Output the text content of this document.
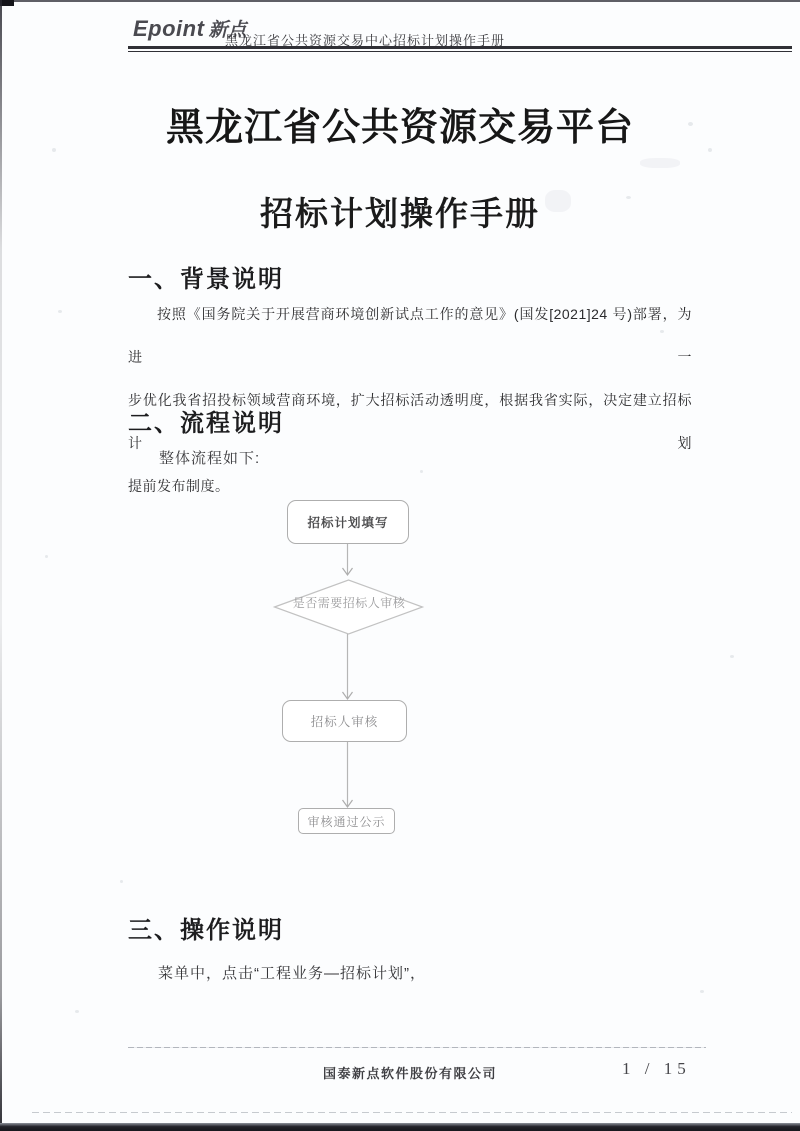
Epoint 新点
黑龙江省公共资源交易中心招标计划操作手册
黑龙江省公共资源交易平台
招标计划操作手册
一、背景说明
按照《国务院关于开展营商环境创新试点工作的意见》(国发[2021]24 号)部署，为进一
步优化我省招投标领域营商环境，扩大招标活动透明度，根据我省实际，决定建立招标计划
提前发布制度。
二、流程说明
整体流程如下:
招标计划填写
是否需要招标人审核
招标人审核
审核通过公示
三、操作说明
菜单中，点击“工程业务—招标计划”，
国泰新点软件股份有限公司	1 / 15
